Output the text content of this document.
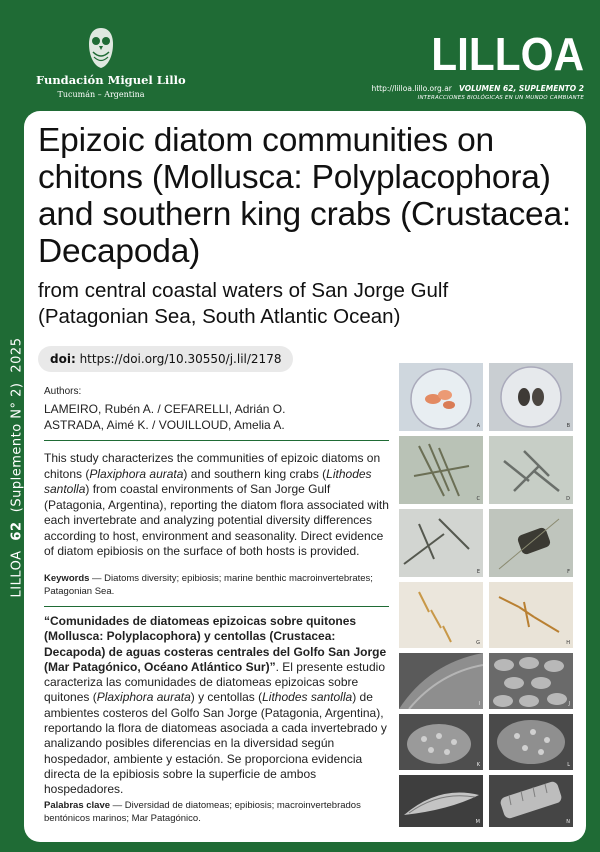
Fundación Miguel Lillo
Tucumán – Argentina
LILLOA
http://lilloa.lillo.org.ar VOLUMEN 62, SUPLEMENTO 2
INTERACCIONES BIOLÓGICAS EN UN MUNDO CAMBIANTE
LILLOA
62  (Suplemento N° 2)
2025
Epizoic diatom communities on chitons (Mollusca: Polyplacophora) and southern king crabs (Crustacea: Decapoda)
from central coastal waters of San Jorge Gulf (Patagonian Sea, South Atlantic Ocean)
doi: https://doi.org/10.30550/j.lil/2178
Authors:
LAMEIRO, Rubén A. / CEFARELLI, Adrián O.
ASTRADA, Aimé K. / VOUILLOUD, Amelia A.
This study characterizes the communities of epizoic diatoms on chitons (Plaxiphora aurata) and southern king crabs (Lithodes santolla) from coastal environments of San Jorge Gulf (Patagonia, Argentina), reporting the diatom flora associated with each invertebrate and analyzing potential diversity differences according to host, environment and seasonality. Direct evidence of diatom epibiosis on the surface of both hosts is provided.
Keywords — Diatoms diversity; epibiosis; marine benthic macroinvertebrates; Patagonian Sea.
“Comunidades de diatomeas epizoicas sobre quitones (Mollusca: Polyplacophora) y centollas (Crustacea: Decapoda) de aguas costeras centrales del Golfo San Jorge (Mar Patagónico, Océano Atlántico Sur)”. El presente estudio caracteriza las comunidades de diatomeas epizoicas sobre quitones (Plaxiphora aurata) y centollas (Lithodes santolla) de ambientes costeros del Golfo San Jorge (Patagonia, Argentina), reportando la flora de diatomeas asociada a cada invertebrado y analizando posibles diferencias en la diversidad según hospedador, ambiente y estación. Se proporciona evidencia directa de la epibiosis sobre la superficie de ambos hospedadores.
Palabras clave — Diversidad de diatomeas; epibiosis; macroinvertebrados bentónicos marinos; Mar Patagónico.
A	B
C	D
E	F
G	H
I	J
K	L
M	N
